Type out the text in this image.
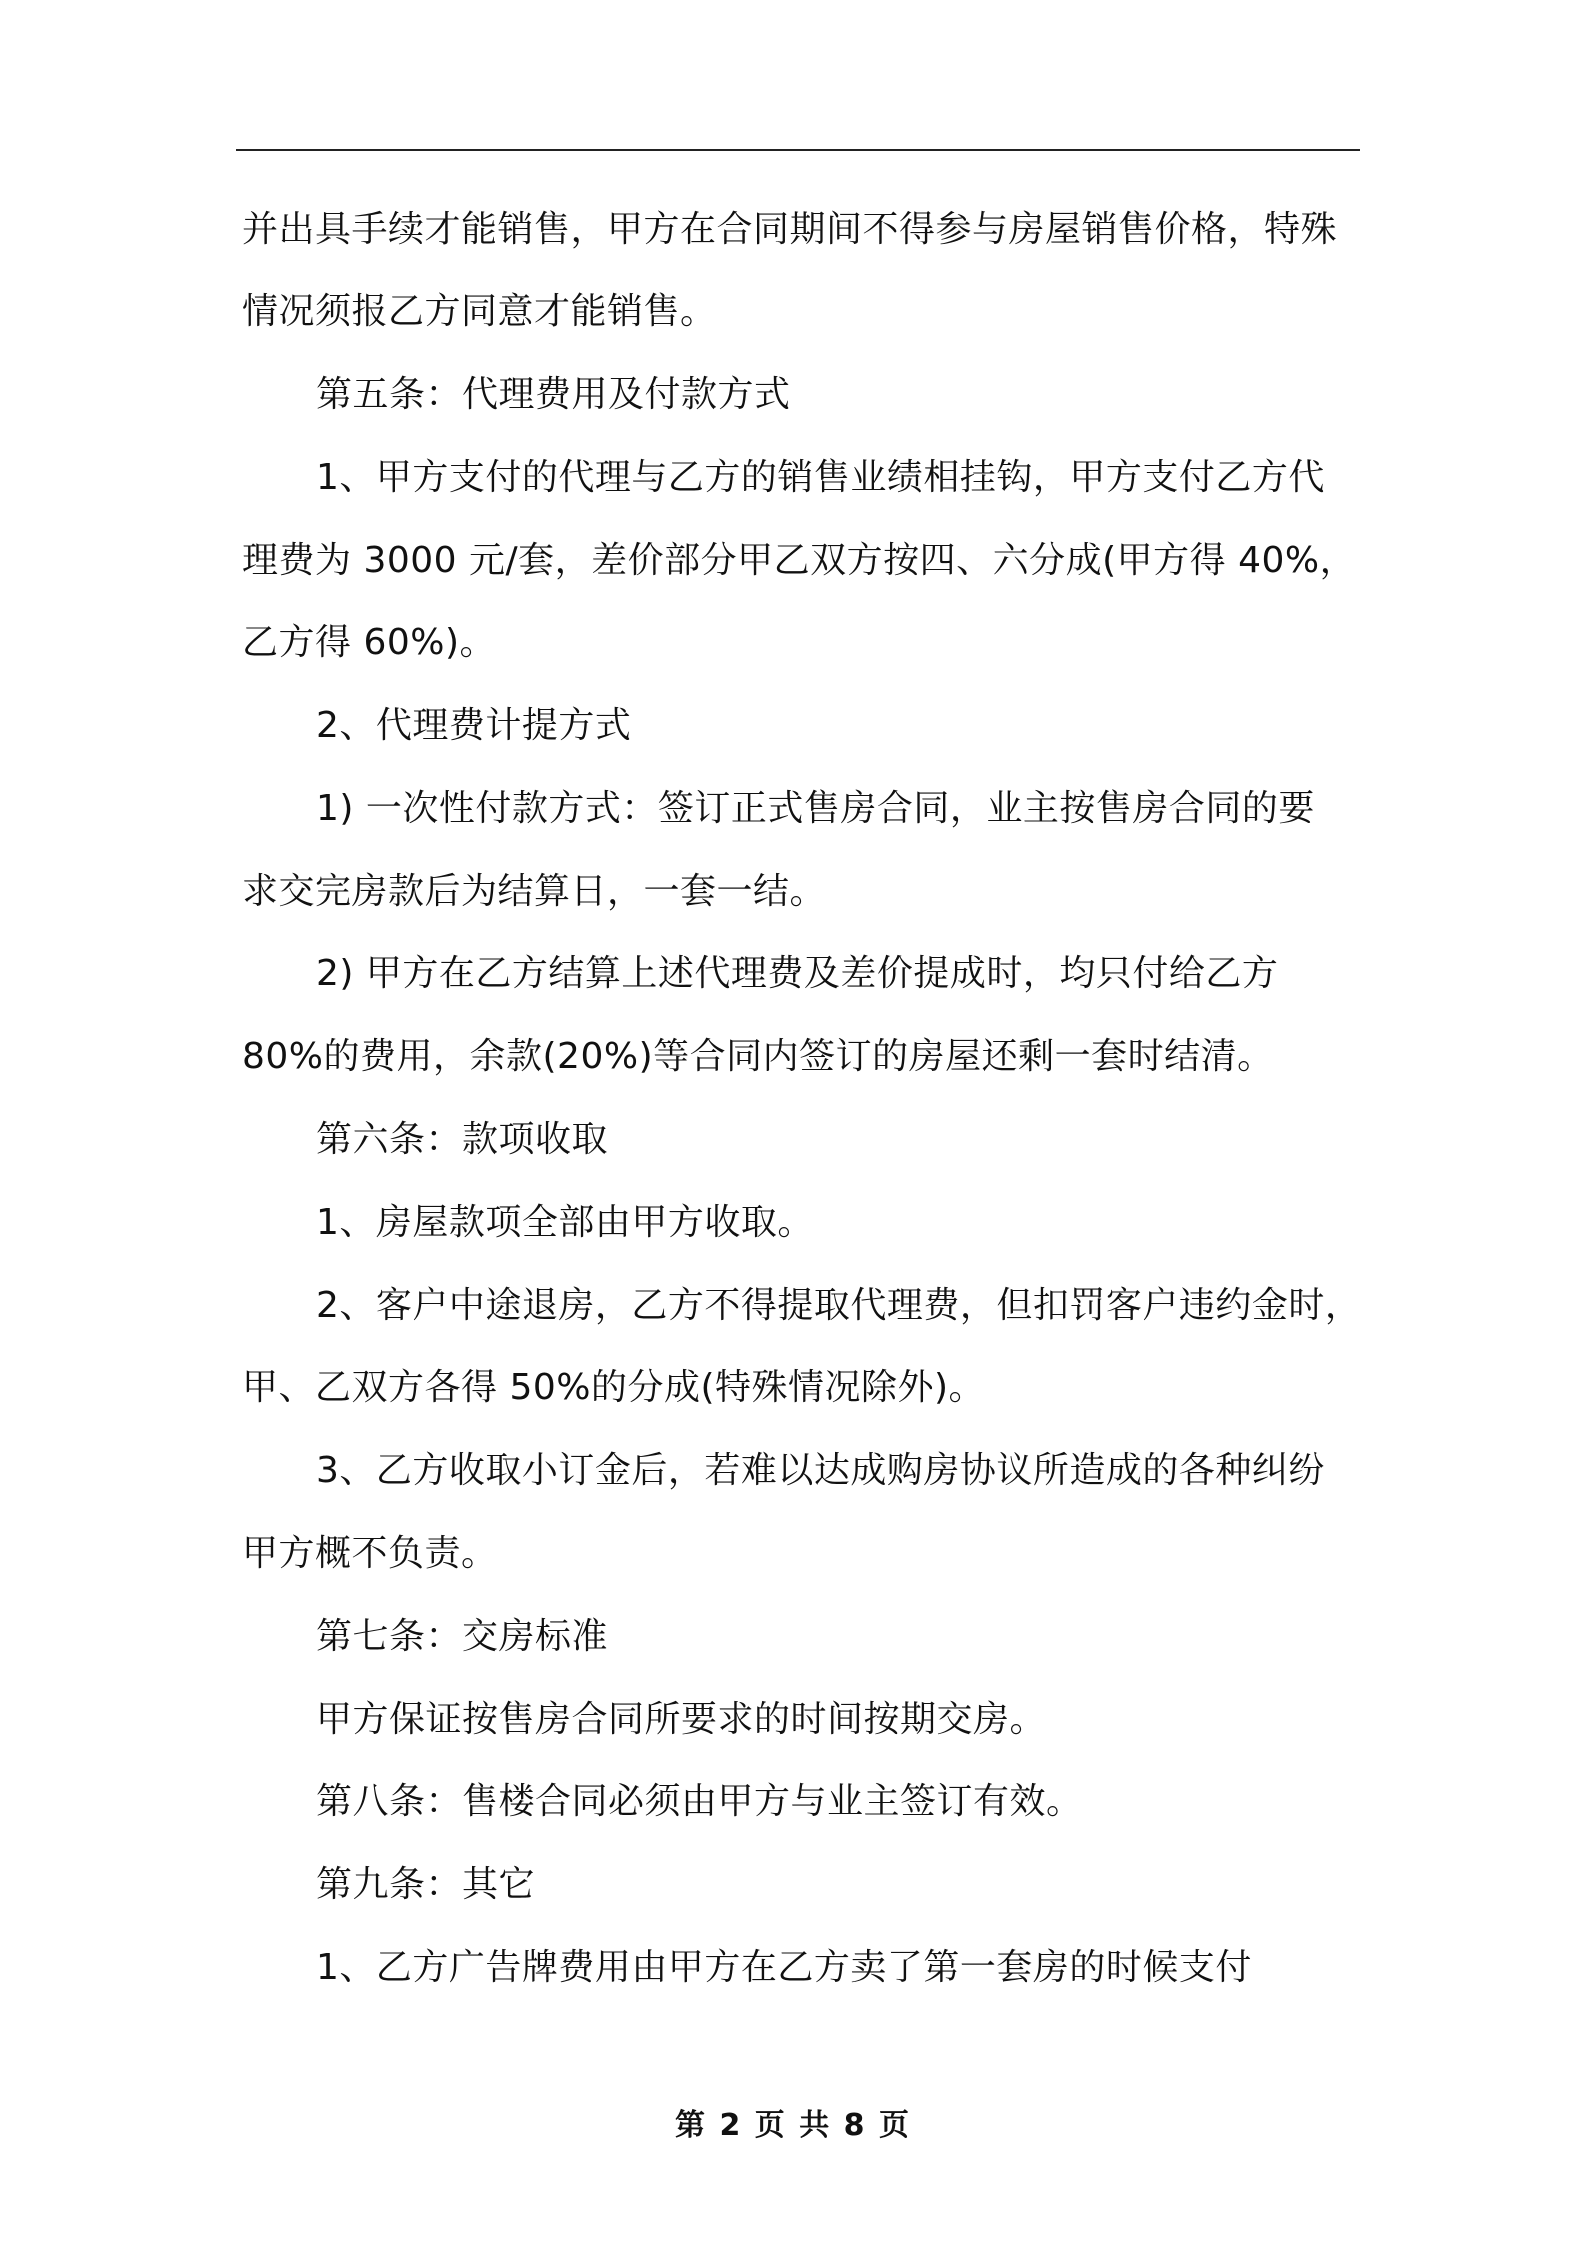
并出具手续才能销售，甲方在合同期间不得参与房屋销售价格，特殊
情况须报乙方同意才能销售。
第五条：代理费用及付款方式
1、甲方支付的代理与乙方的销售业绩相挂钩，甲方支付乙方代
理费为 3000 元/套，差价部分甲乙双方按四、六分成(甲方得 40%，
乙方得 60%)。
2、代理费计提方式
1) 一次性付款方式：签订正式售房合同，业主按售房合同的要
求交完房款后为结算日，一套一结。
2) 甲方在乙方结算上述代理费及差价提成时，均只付给乙方
80%的费用，余款(20%)等合同内签订的房屋还剩一套时结清。
第六条：款项收取
1、房屋款项全部由甲方收取。
2、客户中途退房，乙方不得提取代理费，但扣罚客户违约金时，
甲、乙双方各得 50%的分成(特殊情况除外)。
3、乙方收取小订金后，若难以达成购房协议所造成的各种纠纷
甲方概不负责。
第七条：交房标准
甲方保证按售房合同所要求的时间按期交房。
第八条：售楼合同必须由甲方与业主签订有效。
第九条：其它
1、乙方广告牌费用由甲方在乙方卖了第一套房的时候支付
第 2 页 共 8 页
